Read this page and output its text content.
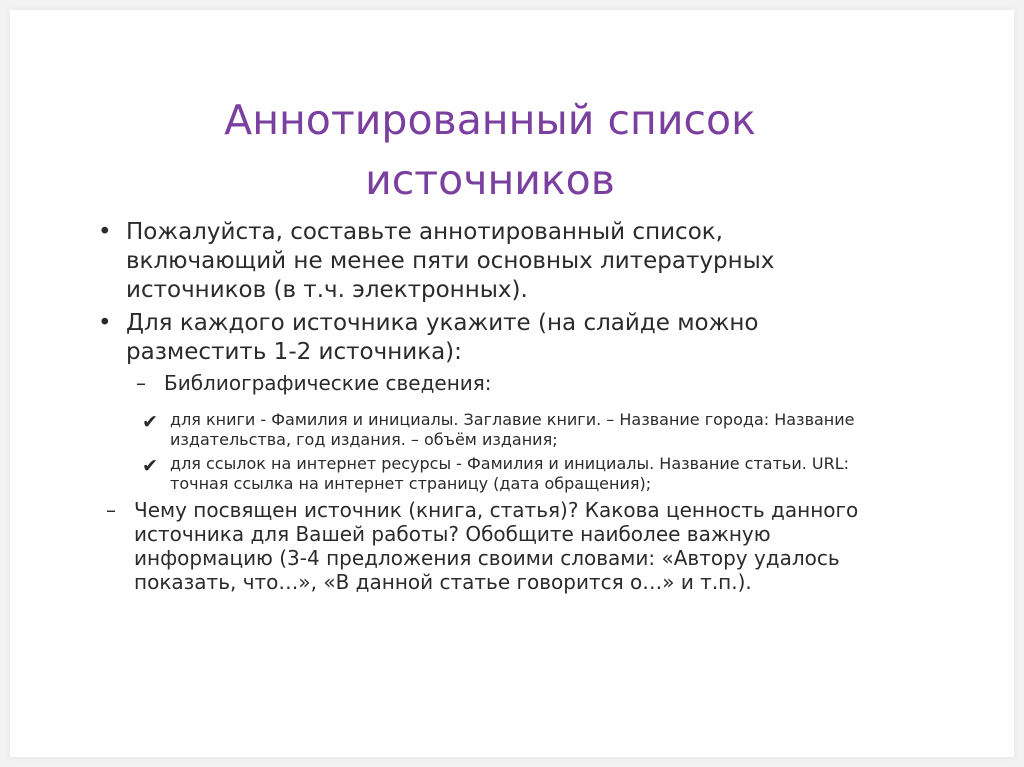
Аннотированный список источников
• Пожалуйста, составьте аннотированный список, включающий не менее пяти основных литературных источников (в т.ч. электронных).
• Для каждого источника укажите (на слайде можно разместить 1-2 источника):
– Библиографические сведения:
✔ для книги - Фамилия и инициалы. Заглавие книги. – Название города: Название издательства, год издания. – объём издания;
✔ для ссылок на интернет ресурсы - Фамилия и инициалы. Название статьи. URL: точная ссылка на интернет страницу (дата обращения);
– Чему посвящен источник (книга, статья)? Какова ценность данного источника для Вашей работы? Обобщите наиболее важную информацию (3-4 предложения своими словами: «Автору удалось показать, что…», «В данной статье говорится о…» и т.п.).
